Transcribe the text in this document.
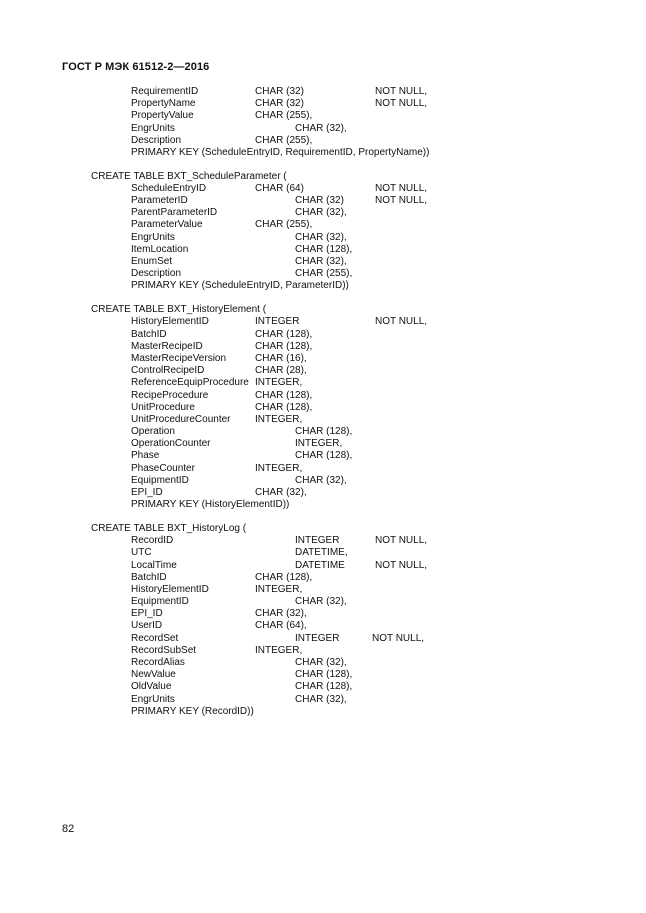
ГОСТ Р МЭК 61512-2—2016
RequirementID	CHAR (32)	NOT NULL,
PropertyName	CHAR (32)	NOT NULL,
PropertyValue	CHAR (255),
EngrUnits	CHAR (32),
Description	CHAR (255),
PRIMARY KEY (ScheduleEntryID, RequirementID, PropertyName))
CREATE TABLE BXT_ScheduleParameter (
ScheduleEntryID	CHAR (64)	NOT NULL,
ParameterID	CHAR (32)	NOT NULL,
ParentParameterID	CHAR (32),
ParameterValue	CHAR (255),
EngrUnits	CHAR (32),
ItemLocation	CHAR (128),
EnumSet	CHAR (32),
Description	CHAR (255),
PRIMARY KEY (ScheduleEntryID, ParameterID))
CREATE TABLE BXT_HistoryElement (
HistoryElementID	INTEGER	NOT NULL,
BatchID	CHAR (128),
MasterRecipeID	CHAR (128),
MasterRecipeVersion	CHAR (16),
ControlRecipeID	CHAR (28),
ReferenceEquipProcedure INTEGER,
RecipeProcedure	CHAR (128),
UnitProcedure	CHAR (128),
UnitProcedureCounter INTEGER,
Operation	CHAR (128),
OperationCounter	INTEGER,
Phase	CHAR (128),
PhaseCounter	INTEGER,
EquipmentID	CHAR (32),
EPI_ID	CHAR (32),
PRIMARY KEY (HistoryElementID))
CREATE TABLE BXT_HistoryLog (
RecordID	INTEGER	NOT NULL,
UTC	DATETIME,
LocalTime	DATETIME	NOT NULL,
BatchID	CHAR (128),
HistoryElementID	INTEGER,
EquipmentID	CHAR (32),
EPI_ID	CHAR (32),
UserID	CHAR (64),
RecordSet	INTEGER	NOT NULL,
RecordSubSet	INTEGER,
RecordAlias	CHAR (32),
NewValue	CHAR (128),
OldValue	CHAR (128),
EngrUnits	CHAR (32),
PRIMARY KEY (RecordID))
82
